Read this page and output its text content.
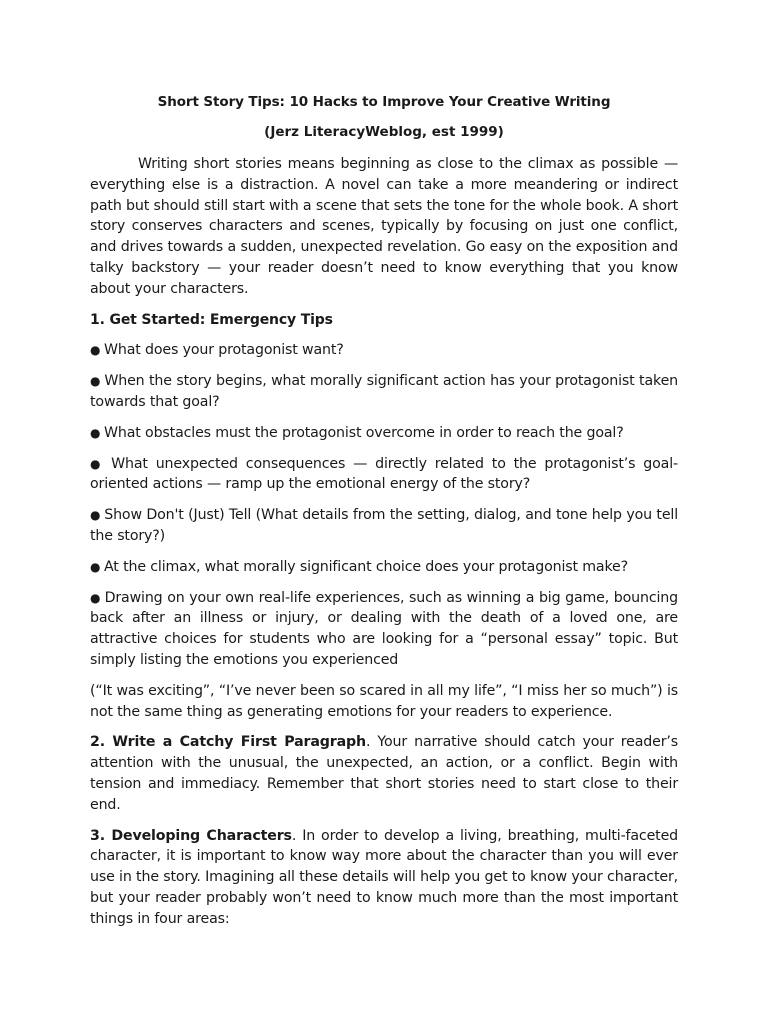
Short Story Tips: 10 Hacks to Improve Your Creative Writing
(Jerz LiteracyWeblog, est 1999)

Writing short stories means beginning as close to the climax as possible — everything else is a distraction. A novel can take a more meandering or indirect path but should still start with a scene that sets the tone for the whole book. A short story conserves characters and scenes, typically by focusing on just one conflict, and drives towards a sudden, unexpected revelation. Go easy on the exposition and talky backstory — your reader doesn’t need to know everything that you know about your characters.

1. Get Started: Emergency Tips

● What does your protagonist want?

● When the story begins, what morally significant action has your protagonist taken towards that goal?

● What obstacles must the protagonist overcome in order to reach the goal?

● What unexpected consequences — directly related to the protagonist’s goal-oriented actions — ramp up the emotional energy of the story?

● Show Don't (Just) Tell (What details from the setting, dialog, and tone help you tell the story?)

● At the climax, what morally significant choice does your protagonist make?

● Drawing on your own real-life experiences, such as winning a big game, bouncing back after an illness or injury, or dealing with the death of a loved one, are attractive choices for students who are looking for a “personal essay” topic. But simply listing the emotions you experienced

(“It was exciting”, “I’ve never been so scared in all my life”, “I miss her so much”) is not the same thing as generating emotions for your readers to experience.

2. Write a Catchy First Paragraph. Your narrative should catch your reader’s attention with the unusual, the unexpected, an action, or a conflict. Begin with tension and immediacy. Remember that short stories need to start close to their end.

3. Developing Characters. In order to develop a living, breathing, multi-faceted character, it is important to know way more about the character than you will ever use in the story. Imagining all these details will help you get to know your character, but your reader probably won’t need to know much more than the most important things in four areas:
